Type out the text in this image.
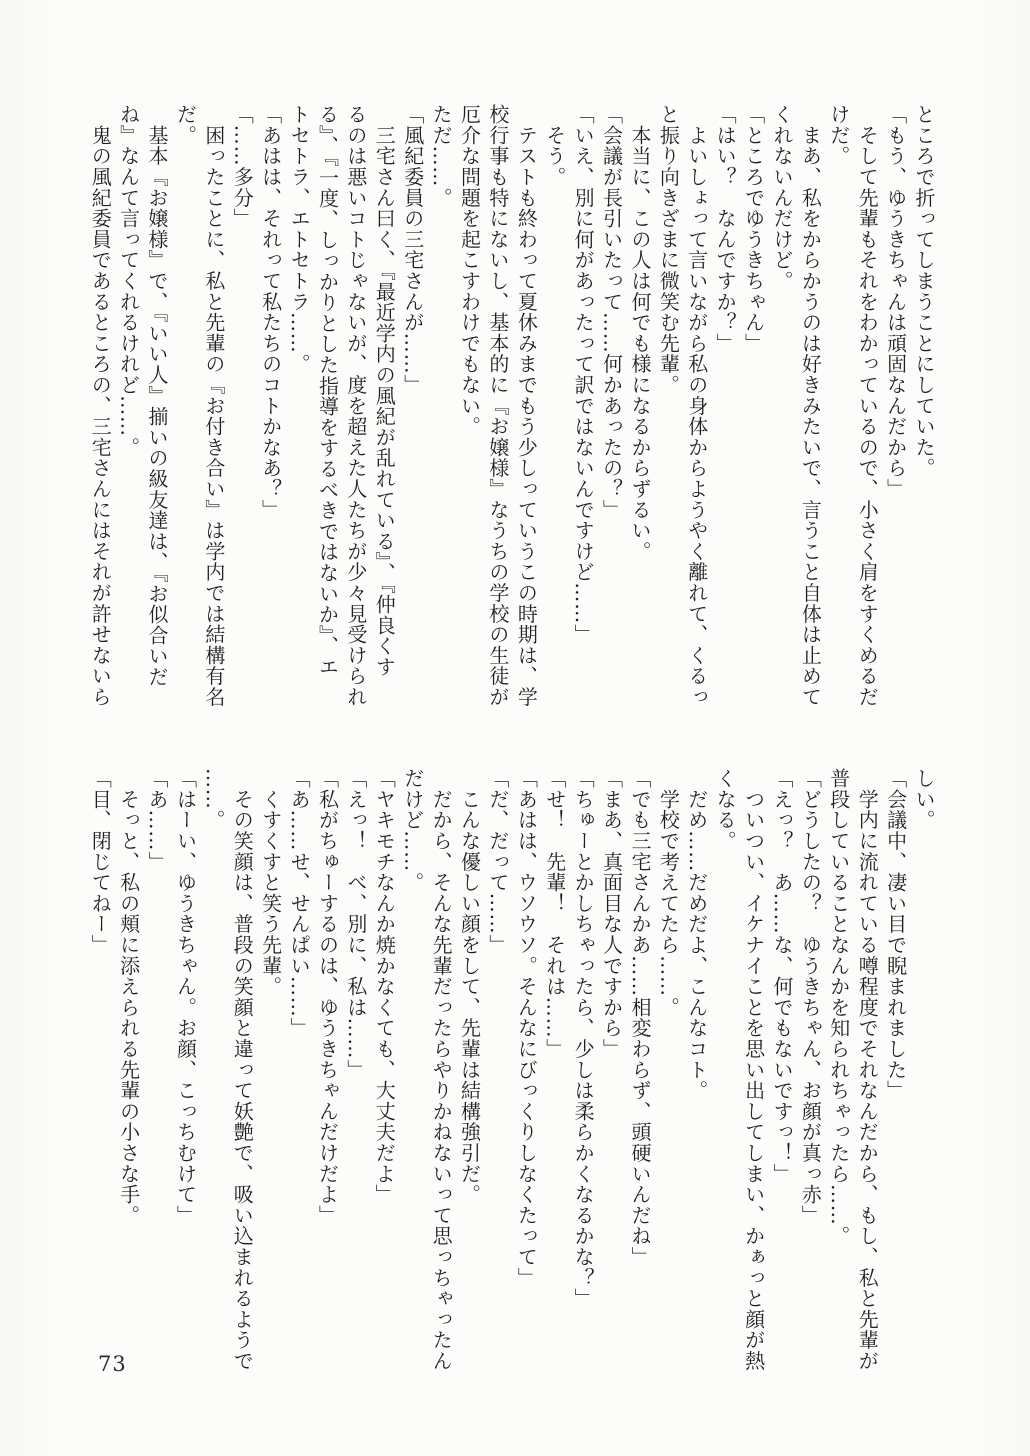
ところで折ってしまうことにしていた。
「もう、ゆうきちゃんは頑固なんだから」
　そして先輩もそれをわかっているので、小さく肩をすくめるだ
けだ。
　まあ、私をからかうのは好きみたいで、言うこと自体は止めて
くれないんだけど。
「ところでゆうきちゃん」
「はい？　なんですか？」
　よいしょって言いながら私の身体からようやく離れて、くるっ
と振り向きざまに微笑む先輩。
　本当に、この人は何でも様になるからずるい。
「会議が長引いたって……何かあったの？」
「いえ、別に何があったって訳ではないんですけど……」
　そう。
　テストも終わって夏休みまでもう少しっていうこの時期は、学
校行事も特にないし、基本的に『お嬢様』なうちの学校の生徒が
厄介な問題を起こすわけでもない。
ただ……。
「風紀委員の三宅さんが……」
　三宅さん曰く、『最近学内の風紀が乱れている』、『仲良くす
るのは悪いコトじゃないが、度を超えた人たちが少々見受けられ
る』、『一度、しっかりとした指導をするべきではないか』、エ
トセトラ、エトセトラ……。
「あはは、それって私たちのコトかなあ？」
「……多分」
　困ったことに、私と先輩の『お付き合い』は学内では結構有名
だ。
　基本『お嬢様』で、『いい人』揃いの級友達は、『お似合いだ
ね』なんて言ってくれるけれど……。
　鬼の風紀委員であるところの、三宅さんにはそれが許せないら
しい。
「会議中、凄い目で睨まれました」
　学内に流れている噂程度でそれなんだから、もし、私と先輩が
普段していることなんかを知られちゃったら……。
「どうしたの？　ゆうきちゃん、お顔が真っ赤」
「えっ？　あ……な、何でもないですっ！」
　ついつい、イケナイことを思い出してしまい、かぁっと顔が熱
くなる。
　だめ……だめだよ、こんなコト。
　学校で考えてたら……。
「でも三宅さんかあ……相変わらず、頭硬いんだね」
「まあ、真面目な人ですから」
「ちゅーとかしちゃったら、少しは柔らかくなるかな？」
「せ！　先輩！　それは……」
「あはは、ウソウソ。そんなにびっくりしなくたって」
「だ、だって……」
　こんな優しい顔をして、先輩は結構強引だ。
　だから、そんな先輩だったらやりかねないって思っちゃったん
だけど……。
「ヤキモチなんか焼かなくても、大丈夫だよ」
「えっ！　べ、別に、私は……」
「私がちゅーするのは、ゆうきちゃんだけだよ」
「あ……せ、せんぱい……」
　くすくすと笑う先輩。
　その笑顔は、普段の笑顔と違って妖艶で、吸い込まれるようで
……。
「はーい、ゆうきちゃん。お顔、こっちむけて」
「あ……」
　そっと、私の頬に添えられる先輩の小さな手。
「目、閉じてねー」
73
